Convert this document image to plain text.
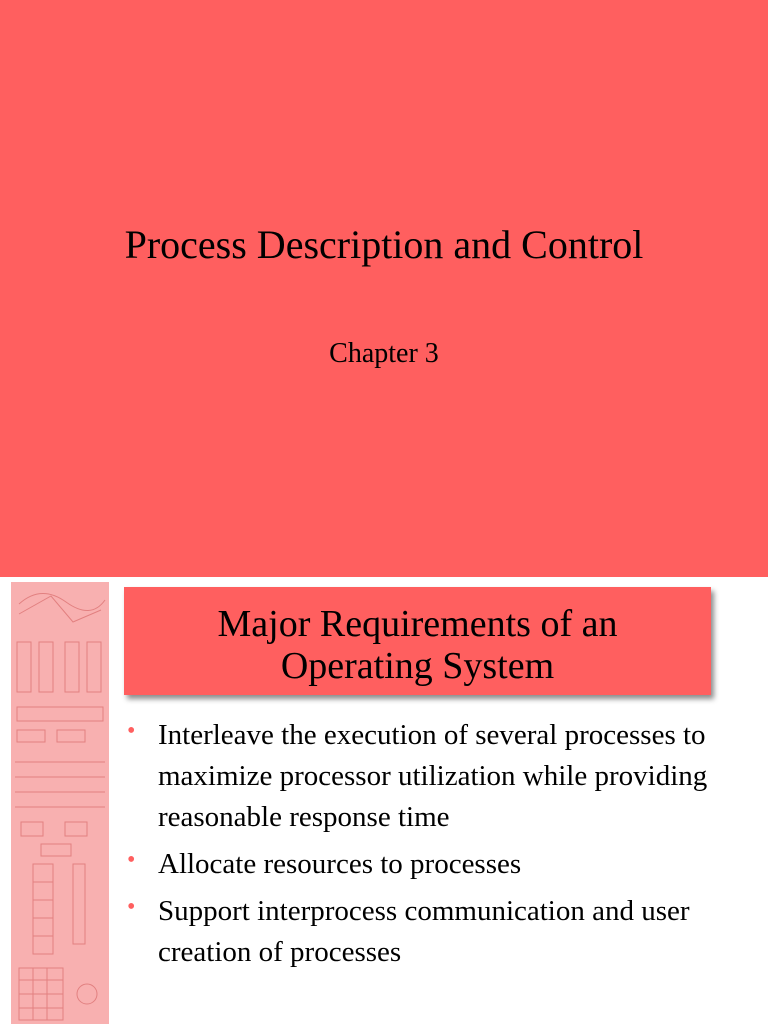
Process Description and Control
Chapter 3
Major Requirements of an
Operating System
• Interleave the execution of several processes to maximize processor utilization while providing reasonable response time
• Allocate resources to processes
• Support interprocess communication and user creation of processes
